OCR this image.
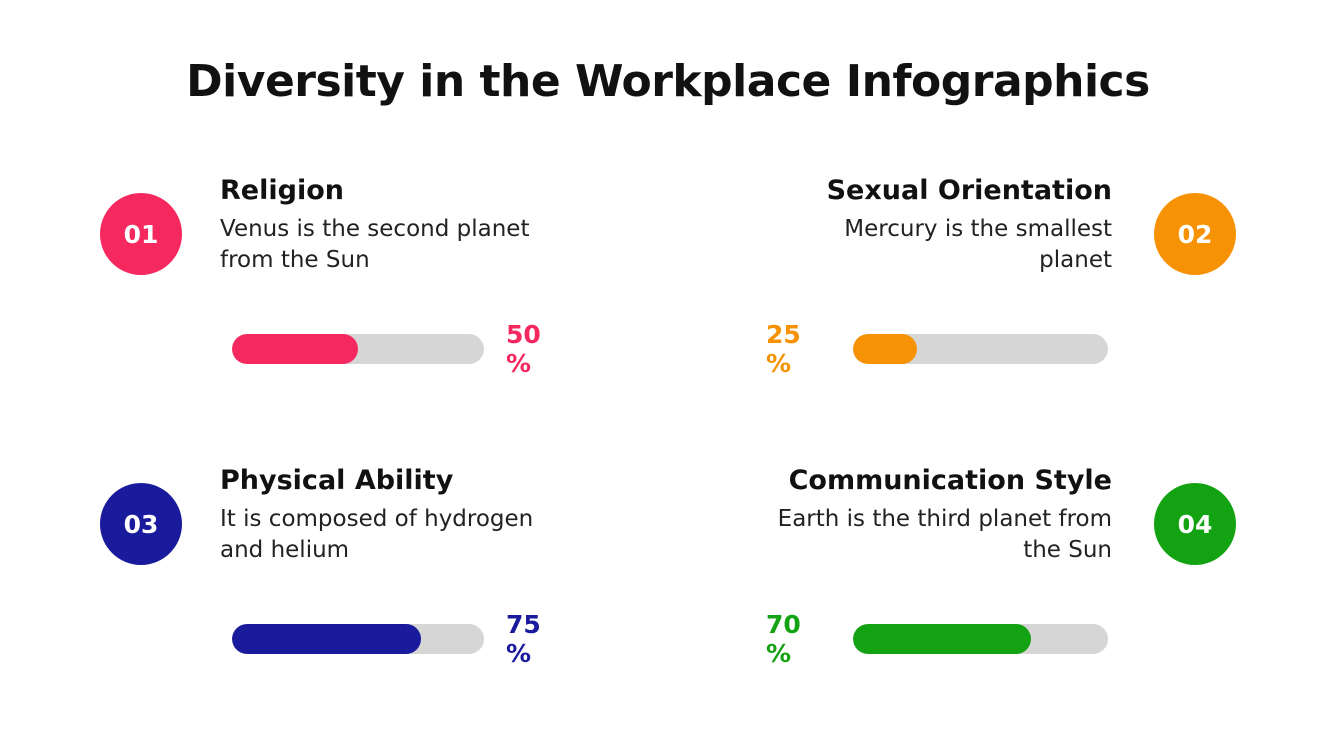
Diversity in the Workplace Infographics
01
Religion
Venus is the second planet from the Sun
50 %
02
Sexual Orientation
Mercury is the smallest planet
25 %
03
Physical Ability
It is composed of hydrogen and helium
75 %
04
Communication Style
Earth is the third planet from the Sun
70 %
